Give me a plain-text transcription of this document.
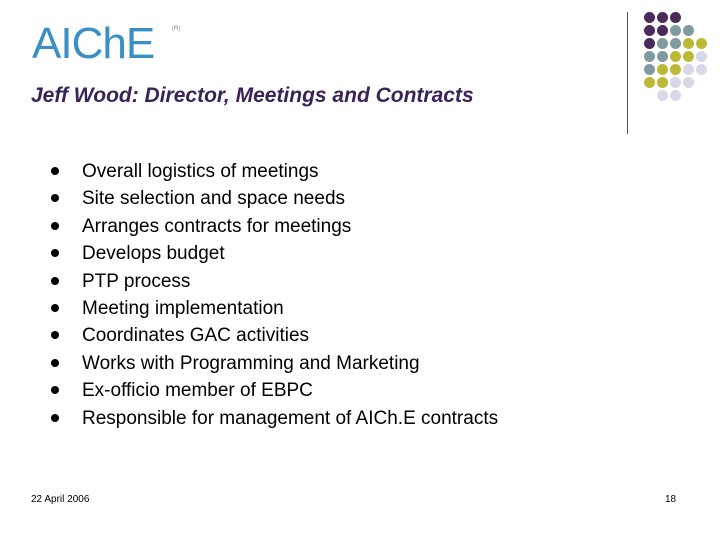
AIChE	(R)
Jeff Wood: Director, Meetings and Contracts
Overall logistics of meetings
Site selection and space needs
Arranges contracts for meetings
Develops budget
PTP process
Meeting implementation
Coordinates GAC activities
Works with Programming and Marketing
Ex-officio member of EBPC
Responsible for management of AICh.E contracts
22 April 2006	18
